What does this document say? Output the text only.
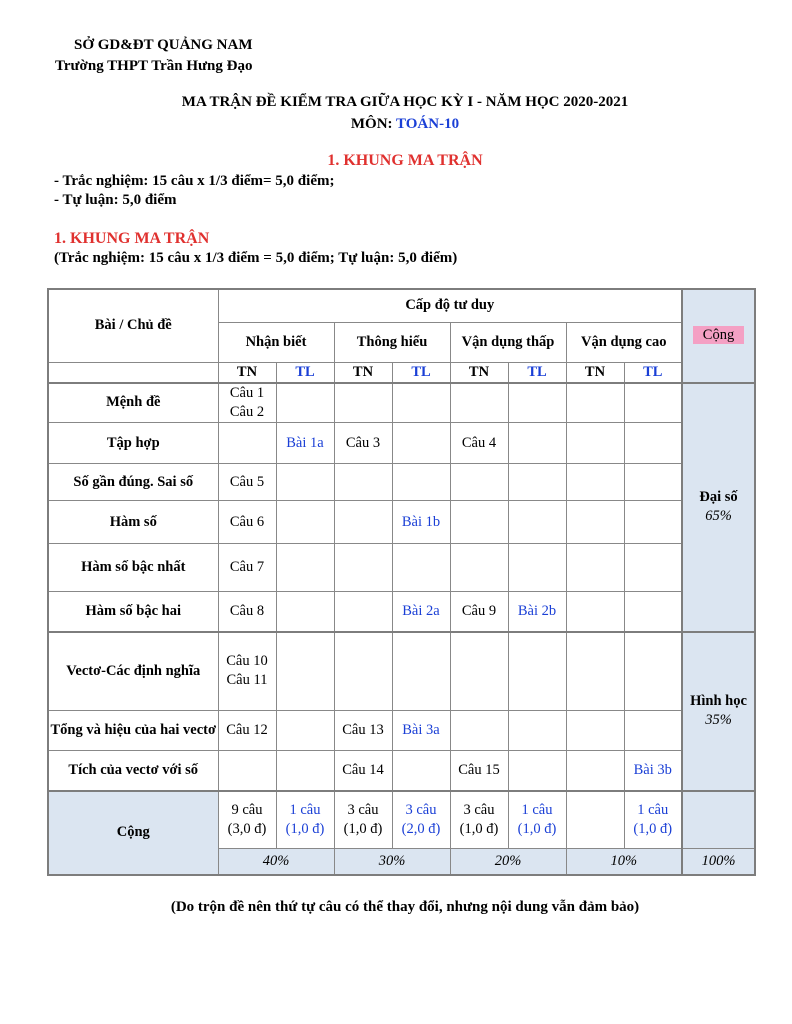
SỞ GD&ĐT QUẢNG NAM
Trường THPT Trần Hưng Đạo
MA TRẬN ĐỀ KIỂM TRA GIỮA HỌC KỲ I - NĂM HỌC 2020-2021
MÔN: TOÁN-10
1. KHUNG MA TRẬN
- Trắc nghiệm: 15 câu x 1/3 điểm= 5,0 điểm;
- Tự luận: 5,0 điểm
1. KHUNG MA TRẬN
(Trắc nghiệm: 15 câu x 1/3 điểm = 5,0 điểm; Tự luận: 5,0 điểm)
Bài / Chủ đề	Cấp độ tư duy								Cộng
	Nhận biết		Thông hiểu		Vận dụng thấp		Vận dụng cao		
	TN	TL	TN	TL	TN	TL	TN	TL	
Mệnh đề	Câu 1 Câu 2								Đại số
65%

Tập hợp		Bài 1a	Câu 3		Câu 4				
Số gần đúng. Sai số	Câu 5								
Hàm số	Câu 6			Bài 1b					
Hàm số bậc nhất	Câu 7								
Hàm số bậc hai	Câu 8			Bài 2a	Câu 9	Bài 2b			
Vectơ-Các định nghĩa	Câu 10 Câu 11								Hình học
35%

Tổng và hiệu của hai vectơ	Câu 12		Câu 13	Bài 3a					
Tích của vectơ với số			Câu 14		Câu 15			Bài 3b	
Cộng	9 câu (3,0 đ)	1 câu (1,0 đ)	3 câu (1,0 đ)	3 câu (2,0 đ)	3 câu (1,0 đ)	1 câu (1,0 đ)		1 câu (1,0 đ)	
	40%		30%		20%		10%		100%
(Do trộn đề nên thứ tự câu có thể thay đổi, nhưng nội dung vẫn đảm bảo)
